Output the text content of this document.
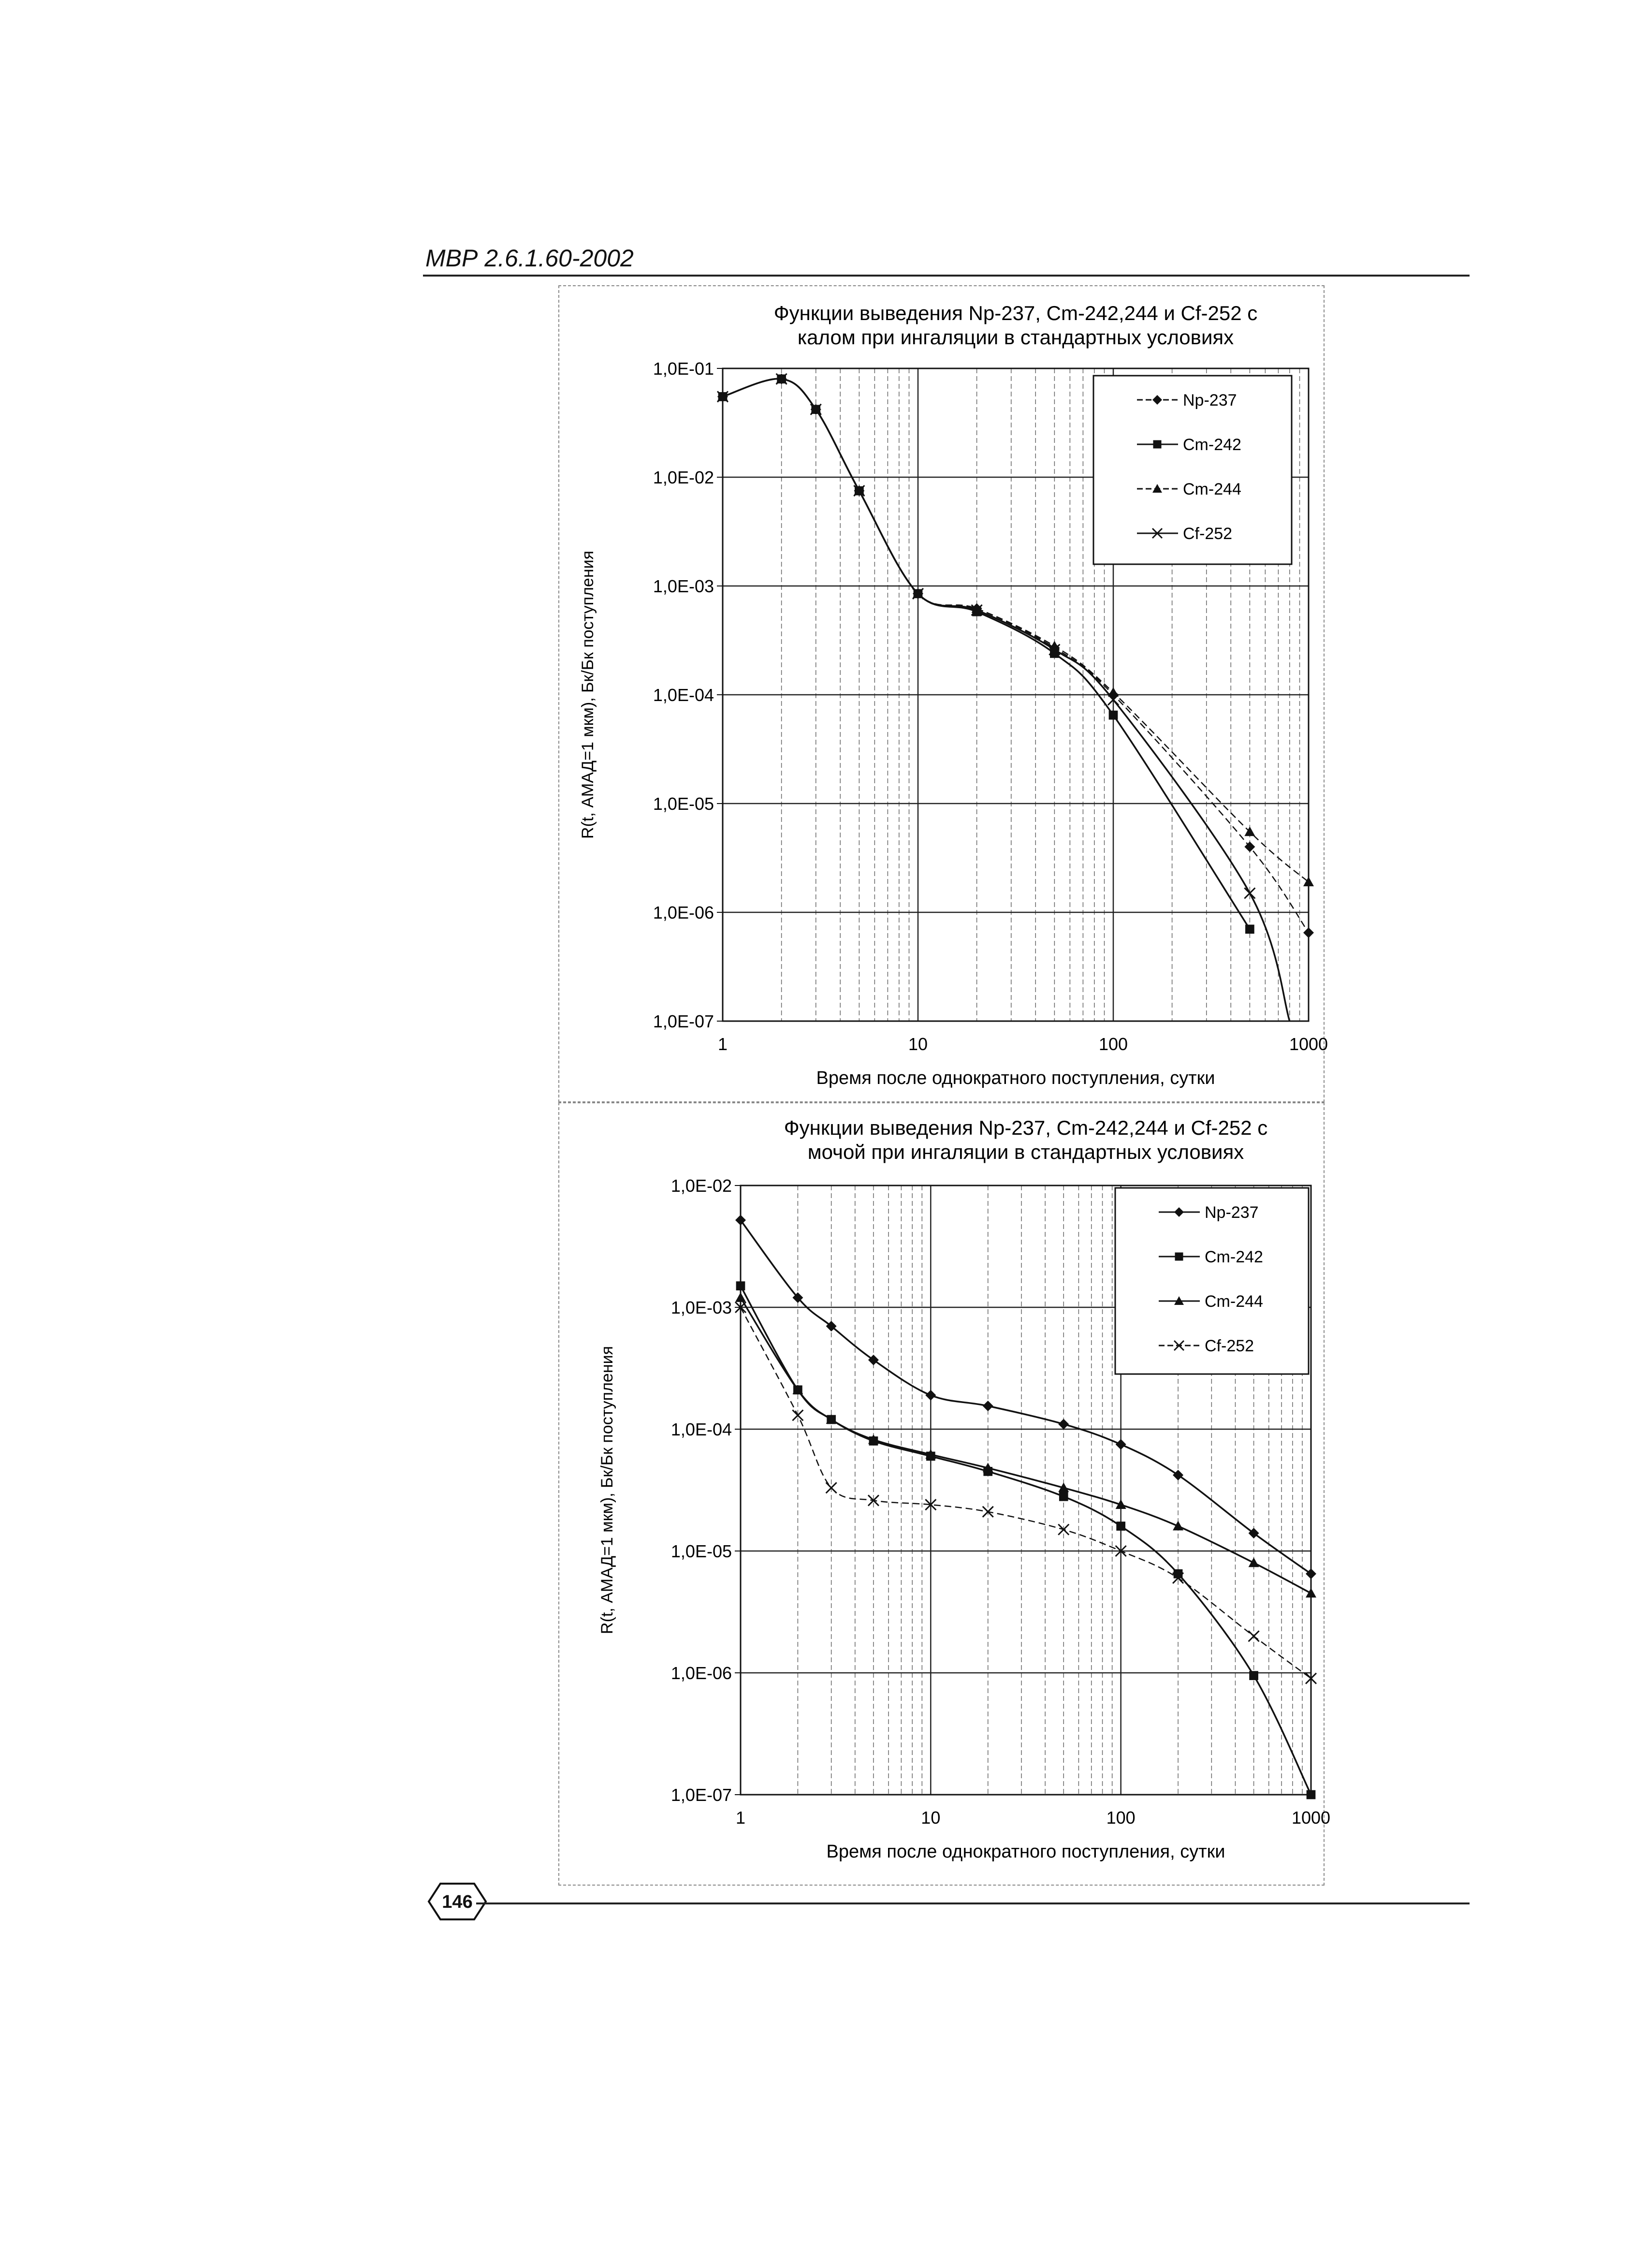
МВР 2.6.1.60-2002
Функции выведения Np-237, Cm-242,244 и Cf-252 с
калом при ингаляции в стандартных условиях
1,0E-01
1,0E-02
1,0E-03
1,0E-04
1,0E-05
1,0E-06
1,0E-07
1	10	100	1000
Время после однократного поступления, сутки
R(t, АМАД=1 мкм), Бк/Бк поступления
Np-237
Cm-242
Cm-244
Cf-252
Функции выведения Np-237, Cm-242,244 и Cf-252 с
мочой при ингаляции в стандартных условиях
1,0E-02
1,0E-03
1,0E-04
1,0E-05
1,0E-06
1,0E-07
1	10	100	1000
Время после однократного поступления, сутки
R(t, АМАД=1 мкм), Бк/Бк поступления
Np-237
Cm-242
Cm-244
Cf-252
146
